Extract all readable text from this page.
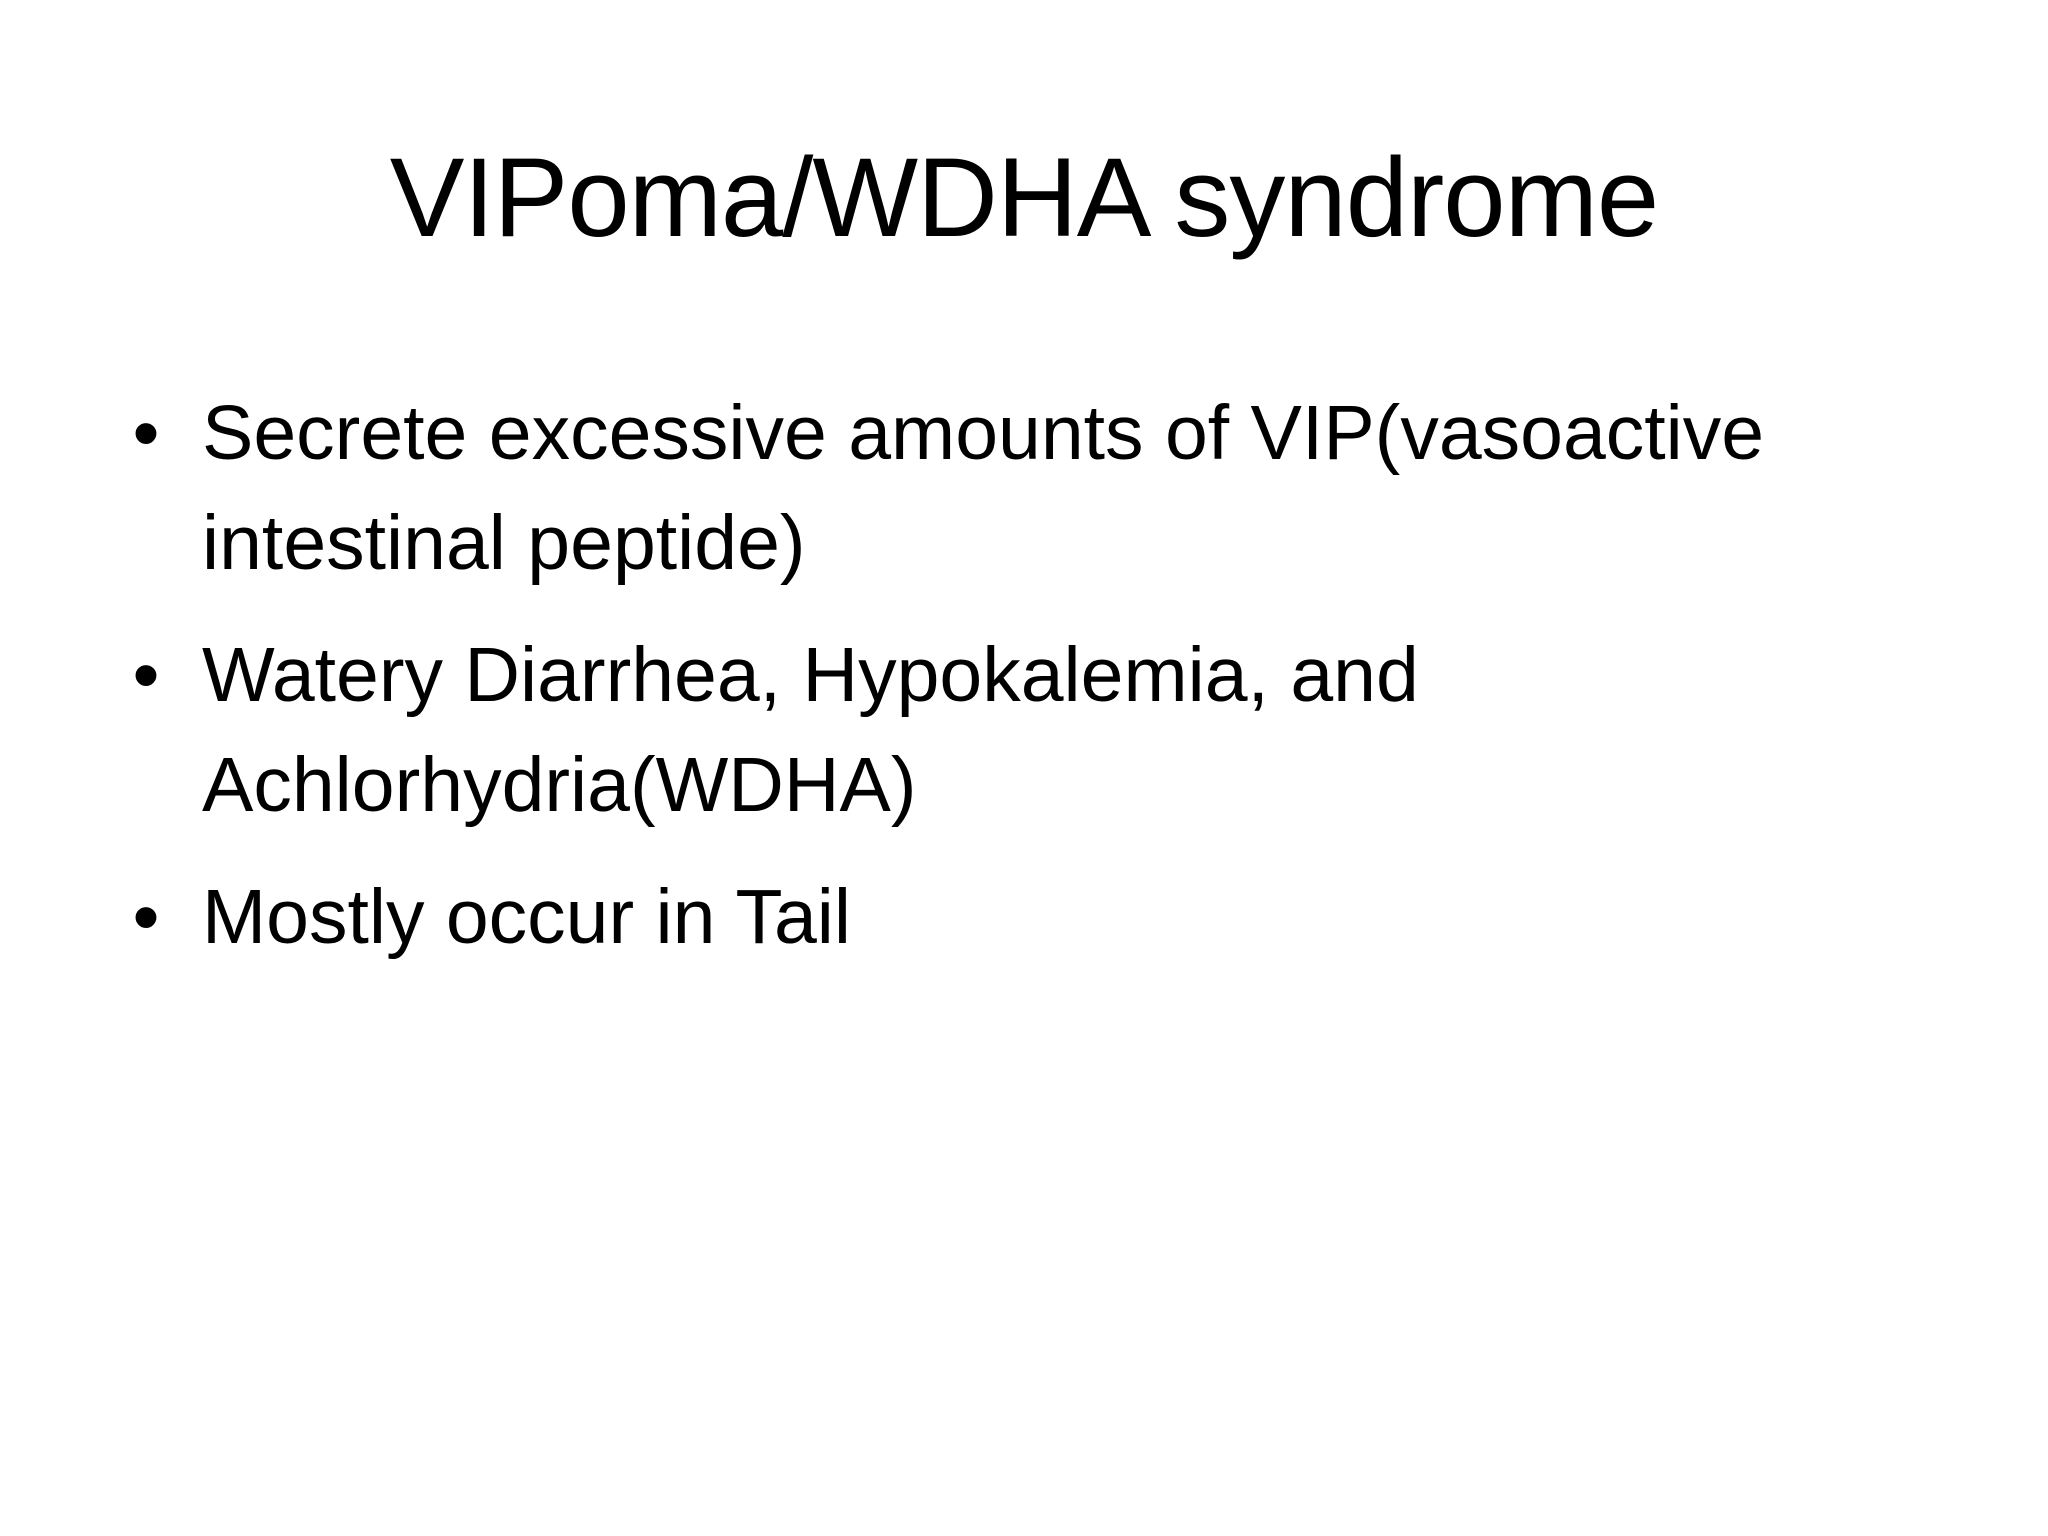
VIPoma/WDHA syndrome
• Secrete excessive amounts of VIP(vasoactive intestinal peptide)
• Watery Diarrhea, Hypokalemia, and Achlorhydria(WDHA)
• Mostly occur in Tail
